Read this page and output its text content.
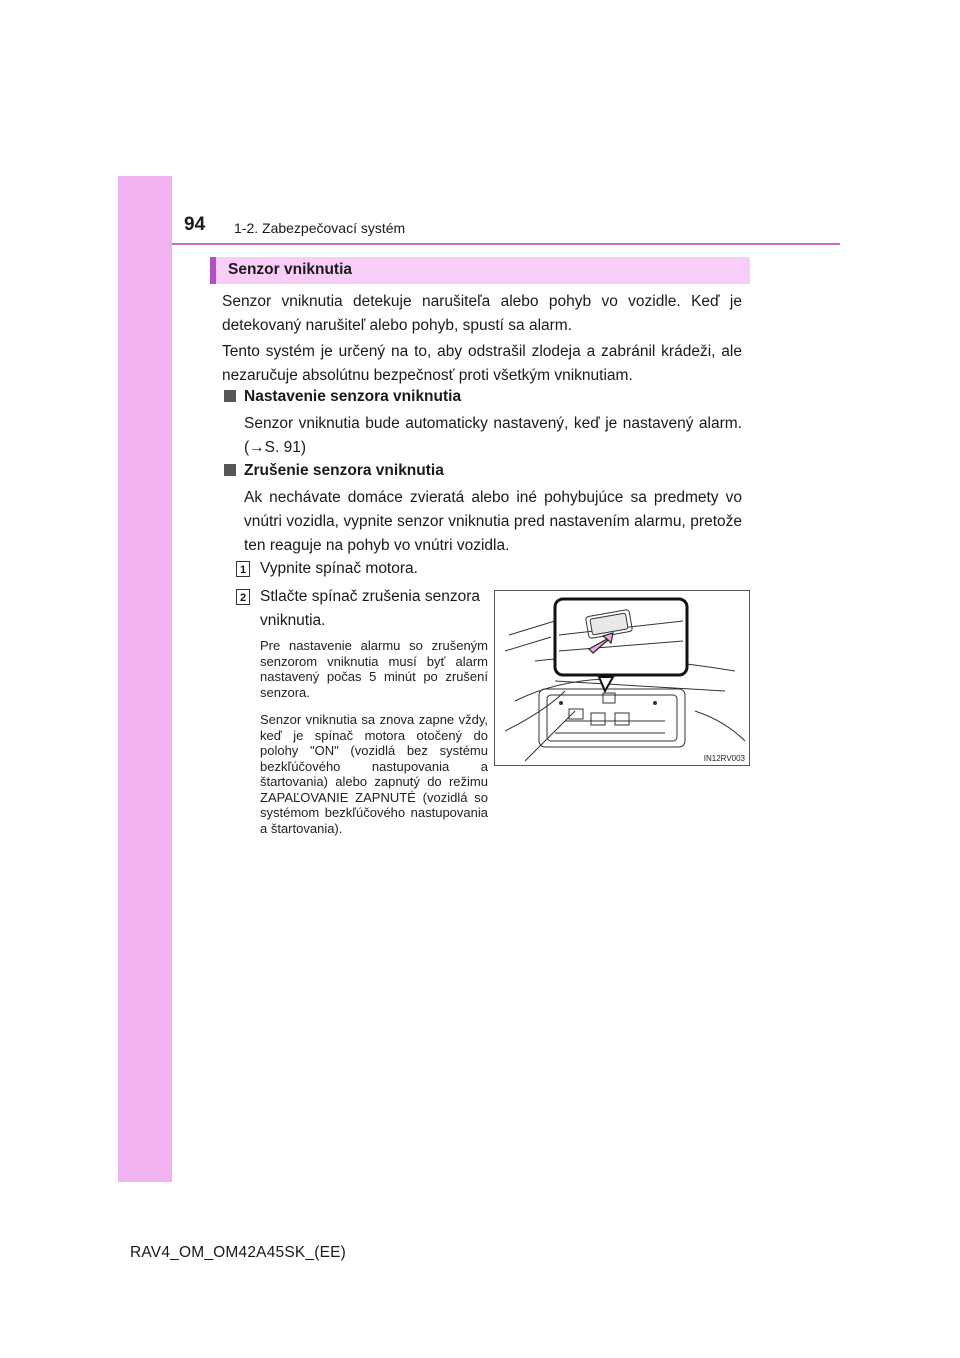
94 1-2. Zabezpečovací systém
Senzor vniknutia

Senzor vniknutia detekuje narušiteľa alebo pohyb vo vozidle. Keď je detekovaný narušiteľ alebo pohyb, spustí sa alarm.

Tento systém je určený na to, aby odstrašil zlodeja a zabránil krádeži, ale nezaručuje absolútnu bezpečnosť proti všetkým vniknutiam.

Nastavenie senzora vniknutia

Senzor vniknutia bude automaticky nastavený, keď je nastavený alarm. (→S. 91)

Zrušenie senzora vniknutia

Ak nechávate domáce zvieratá alebo iné pohybujúce sa predmety vo vnútri vozidla, vypnite senzor vniknutia pred nastavením alarmu, pretože ten reaguje na pohyb vo vnútri vozidla.

1 Vypnite spínač motora.

2 Stlačte spínač zrušenia senzora vniknutia.

Pre nastavenie alarmu so zrušeným senzorom vniknutia musí byť alarm nastavený počas 5 minút po zrušení senzora.

Senzor vniknutia sa znova zapne vždy, keď je spínač motora otočený do polohy "ON" (vozidlá bez systému bezkľúčového nastupovania a štartovania) alebo zapnutý do režimu ZAPAĽOVANIE ZAPNUTÉ (vozidlá so systémom bezkľúčového nastupovania a štartovania).

IN12RV003
RAV4_OM_OM42A45SK_(EE)
